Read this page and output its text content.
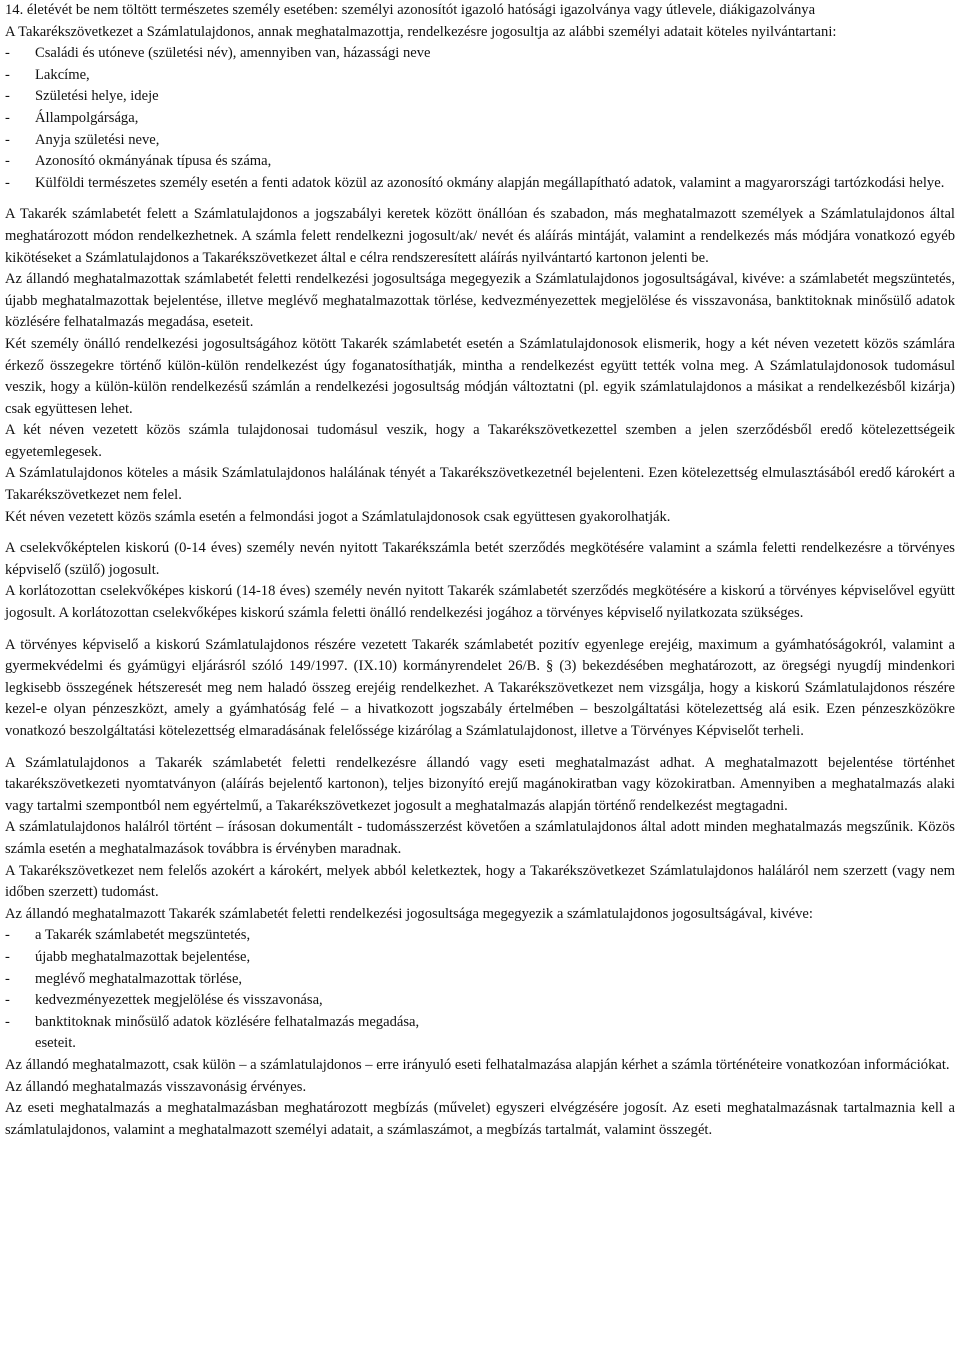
14. életévét be nem töltött természetes személy esetében: személyi azonosítót igazoló hatósági igazolványa vagy útlevele, diákigazolványa

A Takarékszövetkezet a Számlatulajdonos, annak meghatalmazottja, rendelkezésre jogosultja az alábbi személyi adatait köteles nyilvántartani:

- Családi és utóneve (születési név), amennyiben van, házassági neve
- Lakcíme,
- Születési helye, ideje
- Állampolgársága,
- Anyja születési neve,
- Azonosító okmányának típusa és száma,
- Külföldi természetes személy esetén a fenti adatok közül az azonosító okmány alapján megállapítható adatok, valamint a magyarországi tartózkodási helye.

A Takarék számlabetét felett a Számlatulajdonos a jogszabályi keretek között önállóan és szabadon, más meghatalmazott személyek a Számlatulajdonos által meghatározott módon rendelkezhetnek. A számla felett rendelkezni jogosult/ak/ nevét és aláírás mintáját, valamint a rendelkezés más módjára vonatkozó egyéb kikötéseket a Számlatulajdonos a Takarékszövetkezet által e célra rendszeresített aláírás nyilvántartó kartonon jelenti be.

Az állandó meghatalmazottak számlabetét feletti rendelkezési jogosultsága megegyezik a Számlatulajdonos jogosultságával, kivéve: a számlabetét megszüntetés, újabb meghatalmazottak bejelentése, illetve meglévő meghatalmazottak törlése, kedvezményezettek megjelölése és visszavonása, banktitoknak minősülő adatok közlésére felhatalmazás megadása, eseteit.

Két személy önálló rendelkezési jogosultságához kötött Takarék számlabetét esetén a Számlatulajdonosok elismerik, hogy a két néven vezetett közös számlára érkező összegekre történő külön-külön rendelkezést úgy foganatosíthatják, mintha a rendelkezést együtt tették volna meg. A Számlatulajdonosok tudomásul veszik, hogy a külön-külön rendelkezésű számlán a rendelkezési jogosultság módján változtatni (pl. egyik számlatulajdonos a másikat a rendelkezésből kizárja) csak együttesen lehet.

A két néven vezetett közös számla tulajdonosai tudomásul veszik, hogy a Takarékszövetkezettel szemben a jelen szerződésből eredő kötelezettségeik egyetemlegesek.

A Számlatulajdonos köteles a másik Számlatulajdonos halálának tényét a Takarékszövetkezetnél bejelenteni. Ezen kötelezettség elmulasztásából eredő károkért a Takarékszövetkezet nem felel.

Két néven vezetett közös számla esetén a felmondási jogot a Számlatulajdonosok csak együttesen gyakorolhatják.

A cselekvőképtelen kiskorú (0-14 éves) személy nevén nyitott Takarékszámla betét szerződés megkötésére valamint a számla feletti rendelkezésre a törvényes képviselő (szülő) jogosult.

A korlátozottan cselekvőképes kiskorú (14-18 éves) személy nevén nyitott Takarék számlabetét szerződés megkötésére a kiskorú a törvényes képviselővel együtt jogosult. A korlátozottan cselekvőképes kiskorú számla feletti önálló rendelkezési jogához a törvényes képviselő nyilatkozata szükséges.

A törvényes képviselő a kiskorú Számlatulajdonos részére vezetett Takarék számlabetét pozitív egyenlege erejéig, maximum a gyámhatóságokról, valamint a gyermekvédelmi és gyámügyi eljárásról szóló 149/1997. (IX.10) kormányrendelet 26/B. § (3) bekezdésében meghatározott, az öregségi nyugdíj mindenkori legkisebb összegének hétszeresét meg nem haladó összeg erejéig rendelkezhet. A Takarékszövetkezet nem vizsgálja, hogy a kiskorú Számlatulajdonos részére kezel-e olyan pénzeszközt, amely a gyámhatóság felé – a hivatkozott jogszabály értelmében – beszolgáltatási kötelezettség alá esik. Ezen pénzeszközökre vonatkozó beszolgáltatási kötelezettség elmaradásának felelőssége kizárólag a Számlatulajdonost, illetve a Törvényes Képviselőt terheli.

A Számlatulajdonos a Takarék számlabetét feletti rendelkezésre állandó vagy eseti meghatalmazást adhat. A meghatalmazott bejelentése történhet takarékszövetkezeti nyomtatványon (aláírás bejelentő kartonon), teljes bizonyító erejű magánokiratban vagy közokiratban. Amennyiben a meghatalmazás alaki vagy tartalmi szempontból nem egyértelmű, a Takarékszövetkezet jogosult a meghatalmazás alapján történő rendelkezést megtagadni.

A számlatulajdonos halálról történt – írásosan dokumentált - tudomásszerzést követően a számlatulajdonos által adott minden meghatalmazás megszűnik. Közös számla esetén a meghatalmazások továbbra is érvényben maradnak.

A Takarékszövetkezet nem felelős azokért a károkért, melyek abból keletkeztek, hogy a Takarékszövetkezet Számlatulajdonos haláláról nem szerzett (vagy nem időben szerzett) tudomást.

Az állandó meghatalmazott Takarék számlabetét feletti rendelkezési jogosultsága megegyezik a számlatulajdonos jogosultságával, kivéve:

- a Takarék számlabetét megszüntetés,
- újabb meghatalmazottak bejelentése,
- meglévő meghatalmazottak törlése,
- kedvezményezettek megjelölése és visszavonása,
- banktitoknak minősülő adatok közlésére felhatalmazás megadása,

eseteit.

Az állandó meghatalmazott, csak külön – a számlatulajdonos – erre irányuló eseti felhatalmazása alapján kérhet a számla történéteire vonatkozóan információkat.

Az állandó meghatalmazás visszavonásig érvényes.

Az eseti meghatalmazás a meghatalmazásban meghatározott megbízás (művelet) egyszeri elvégzésére jogosít. Az eseti meghatalmazásnak tartalmaznia kell a számlatulajdonos, valamint a meghatalmazott személyi adatait, a számlaszámot, a megbízás tartalmát, valamint összegét.
